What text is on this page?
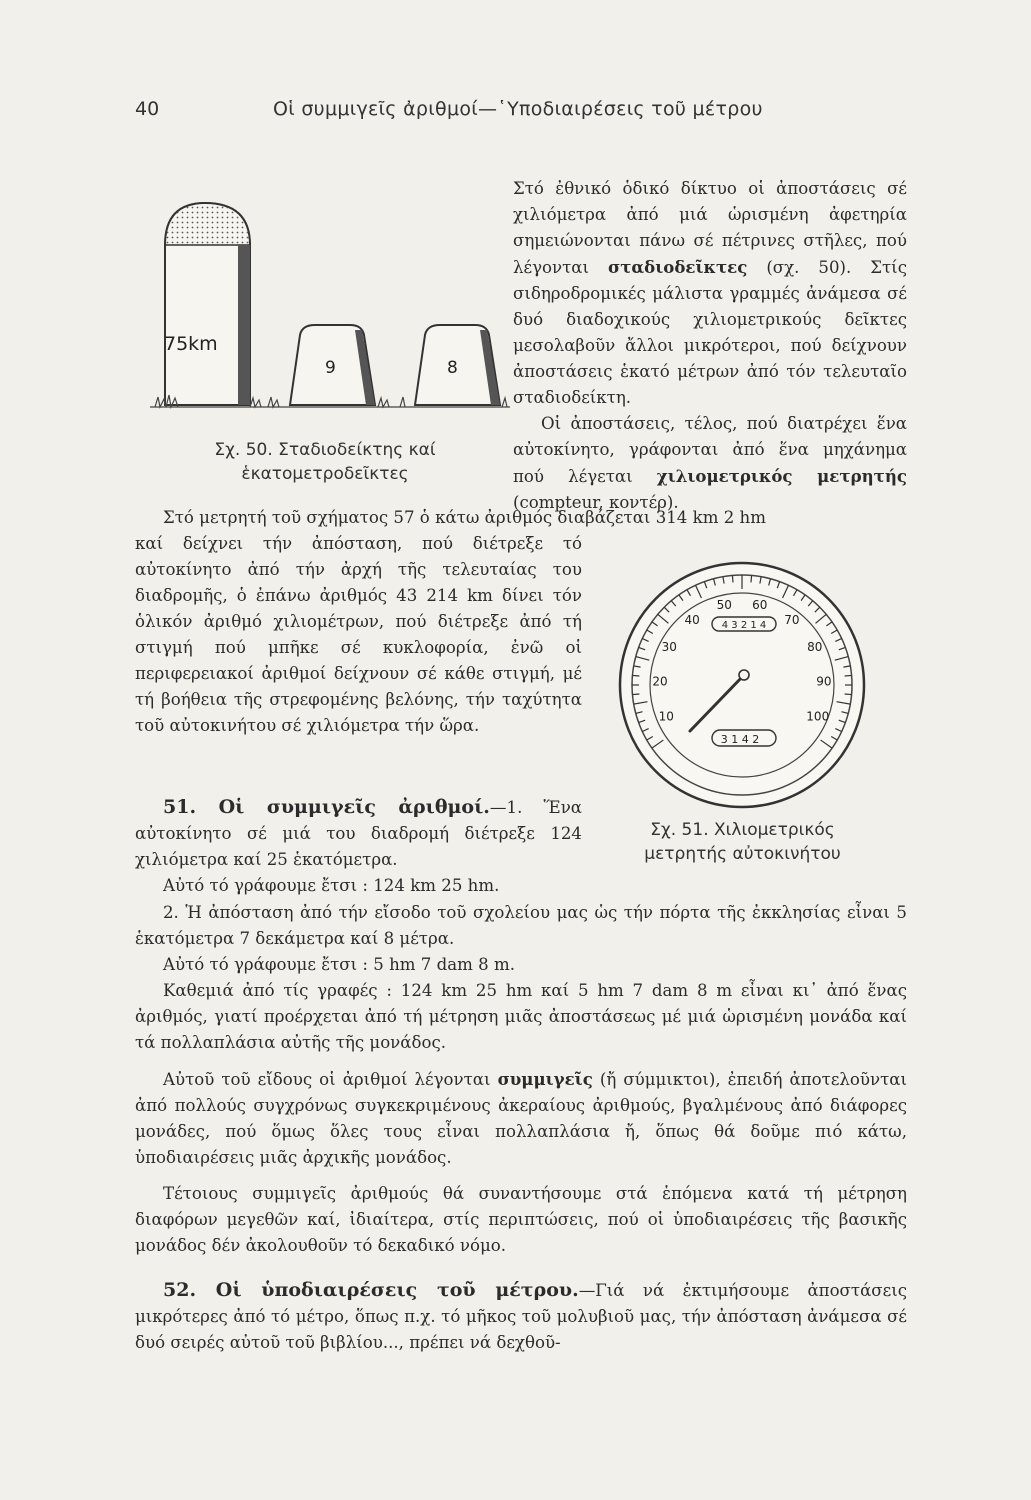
40	Οἱ συμμιγεῖς ἀριθμοί—῾Υποδιαιρέσεις τοῦ μέτρου

Στό ἐθνικό ὁδικό δίκτυο οἱ ἀποστάσεις σέ χιλιόμετρα ἀπό μιά ὡρισμένη ἀφετηρία σημειώνονται πάνω σέ πέτρινες στῆλες, πού λέγονται σταδιοδεῖκτες (σχ. 50). Στίς σιδηροδρομικές μάλιστα γραμμές ἀνάμεσα σέ δυό διαδοχικούς χιλιομετρικούς δεῖκτες μεσολαβοῦν ἄλλοι μικρότεροι, πού δείχνουν ἀποστάσεις ἑκατό μέτρων ἀπό τόν τελευταῖο σταδιοδείκτη.

Οἱ ἀποστάσεις, τέλος, πού διατρέχει ἕνα αὐτοκίνητο, γράφονται ἀπό ἕνα μηχάνημα πού λέγεται χιλιομετρικός μετρητής (compteur, κοντέρ).

75km
9	8
Σχ. 50. Σταδιοδείκτης καί
ἑκατομετροδεῖκτες

Στό μετρητή τοῦ σχήματος 57 ὁ κάτω ἀριθμός διαβάζεται 314 km 2 hm

καί δείχνει τήν ἀπόσταση, πού διέτρεξε τό αὐτοκίνητο ἀπό τήν ἀρχή τῆς τελευταίας του διαδρομῆς, ὁ ἐπάνω ἀριθμός 43 214 km δίνει τόν ὁλικόν ἀριθμό χιλιομέτρων, πού διέτρεξε ἀπό τή στιγμή πού μπῆκε σέ κυκλοφορία, ἐνῶ οἱ περιφερειακοί ἀριθμοί δείχνουν σέ κάθε στιγμή, μέ τή βοήθεια τῆς στρεφομένης βελόνης, τήν ταχύτητα τοῦ αὐτοκινήτου σέ χιλιόμετρα τήν ὥρα.	10
20
30
40
50 60
70
80
90
100
4 3 2 1 4
3 1 4 2
Σχ. 51. Χιλιομετρικός
μετρητής αὐτοκινήτου

51. Οἱ συμμιγεῖς ἀριθμοί.—1. Ἕνα αὐτοκίνητο σέ μιά του διαδρομή διέτρεξε 124 χιλιόμετρα καί 25 ἑκατόμετρα.

Αὐτό τό γράφουμε ἔτσι : 124 km 25 hm.

2. Ἡ ἀπόσταση ἀπό τήν εἴσοδο τοῦ σχολείου μας ὡς τήν πόρτα τῆς ἐκκλησίας εἶναι 5 ἑκατόμετρα 7 δεκάμετρα καί 8 μέτρα.

Αὐτό τό γράφουμε ἔτσι : 5 hm 7 dam 8 m.

Καθεμιά ἀπό τίς γραφές : 124 km 25 hm καί 5 hm 7 dam 8 m εἶναι κι᾿ ἀπό ἕνας ἀριθμός, γιατί προέρχεται ἀπό τή μέτρηση μιᾶς ἀποστάσεως μέ μιά ὡρισμένη μονάδα καί τά πολλαπλάσια αὐτῆς τῆς μονάδος.

Αὐτοῦ τοῦ εἴδους οἱ ἀριθμοί λέγονται συμμιγεῖς (ἤ σύμμικτοι), ἐπειδή ἀποτελοῦνται ἀπό πολλούς συγχρόνως συγκεκριμένους ἀκεραίους ἀριθμούς, βγαλμένους ἀπό διάφορες μονάδες, πού ὅμως ὅλες τους εἶναι πολλαπλάσια ἤ, ὅπως θά δοῦμε πιό κάτω, ὑποδιαιρέσεις μιᾶς ἀρχικῆς μονάδος.

Τέτοιους συμμιγεῖς ἀριθμούς θά συναντήσουμε στά ἑπόμενα κατά τή μέτρηση διαφόρων μεγεθῶν καί, ἰδιαίτερα, στίς περιπτώσεις, πού οἱ ὑποδιαιρέσεις τῆς βασικῆς μονάδος δέν ἀκολουθοῦν τό δεκαδικό νόμο.

52. Οἱ ὑποδιαιρέσεις τοῦ μέτρου.—Γιά νά ἐκτιμήσουμε ἀποστάσεις μικρότερες ἀπό τό μέτρο, ὅπως π.χ. τό μῆκος τοῦ μολυβιοῦ μας, τήν ἀπόσταση ἀνάμεσα σέ δυό σειρές αὐτοῦ τοῦ βιβλίου..., πρέπει νά δεχθοῦ-
